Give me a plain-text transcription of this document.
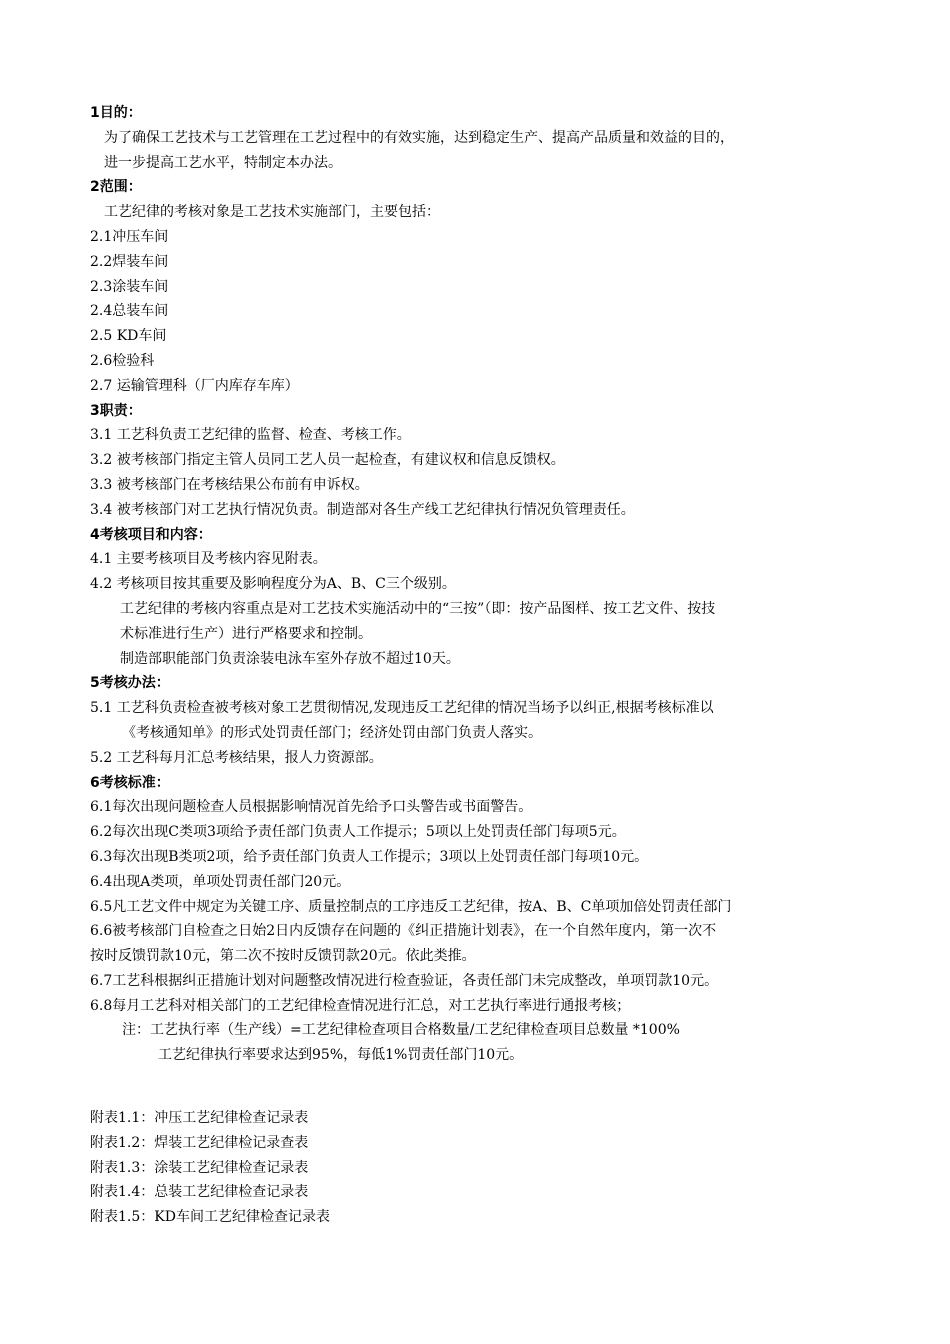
1目的：
为了确保工艺技术与工艺管理在工艺过程中的有效实施，达到稳定生产、提高产品质量和效益的目的，
进一步提高工艺水平，特制定本办法。
2范围：
工艺纪律的考核对象是工艺技术实施部门，主要包括：
2.1冲压车间
2.2焊装车间
2.3涂装车间
2.4总装车间
2.5 KD车间
2.6检验科
2.7 运输管理科（厂内库存车库）
3职责：
3.1 工艺科负责工艺纪律的监督、检查、考核工作。
3.2 被考核部门指定主管人员同工艺人员一起检查，有建议权和信息反馈权。
3.3 被考核部门在考核结果公布前有申诉权。
3.4 被考核部门对工艺执行情况负责。制造部对各生产线工艺纪律执行情况负管理责任。
4考核项目和内容：
4.1 主要考核项目及考核内容见附表。
4.2 考核项目按其重要及影响程度分为A、B、C三个级别。
工艺纪律的考核内容重点是对工艺技术实施活动中的“三按”（即：按产品图样、按工艺文件、按技
术标准进行生产）进行严格要求和控制。
制造部职能部门负责涂装电泳车室外存放不超过10天。
5考核办法：
5.1 工艺科负责检查被考核对象工艺贯彻情况,发现违反工艺纪律的情况当场予以纠正,根据考核标准以
《考核通知单》的形式处罚责任部门；经济处罚由部门负责人落实。
5.2 工艺科每月汇总考核结果，报人力资源部。
6考核标准：
6.1每次出现问题检查人员根据影响情况首先给予口头警告或书面警告。
6.2每次出现C类项3项给予责任部门负责人工作提示；5项以上处罚责任部门每项5元。
6.3每次出现B类项2项，给予责任部门负责人工作提示；3项以上处罚责任部门每项10元。
6.4出现A类项，单项处罚责任部门20元。
6.5凡工艺文件中规定为关键工序、质量控制点的工序违反工艺纪律，按A、B、C单项加倍处罚责任部门
6.6被考核部门自检查之日始2日内反馈存在问题的《纠正措施计划表》，在一个自然年度内，第一次不
按时反馈罚款10元，第二次不按时反馈罚款20元。依此类推。
6.7工艺科根据纠正措施计划对问题整改情况进行检查验证，各责任部门未完成整改，单项罚款10元。
6.8每月工艺科对相关部门的工艺纪律检查情况进行汇总，对工艺执行率进行通报考核；
注：工艺执行率（生产线）=工艺纪律检查项目合格数量/工艺纪律检查项目总数量 *100%
工艺纪律执行率要求达到95%，每低1%罚责任部门10元。
附表1.1：冲压工艺纪律检查记录表
附表1.2：焊装工艺纪律检记录查表
附表1.3：涂装工艺纪律检查记录表
附表1.4：总装工艺纪律检查记录表
附表1.5：KD车间工艺纪律检查记录表
